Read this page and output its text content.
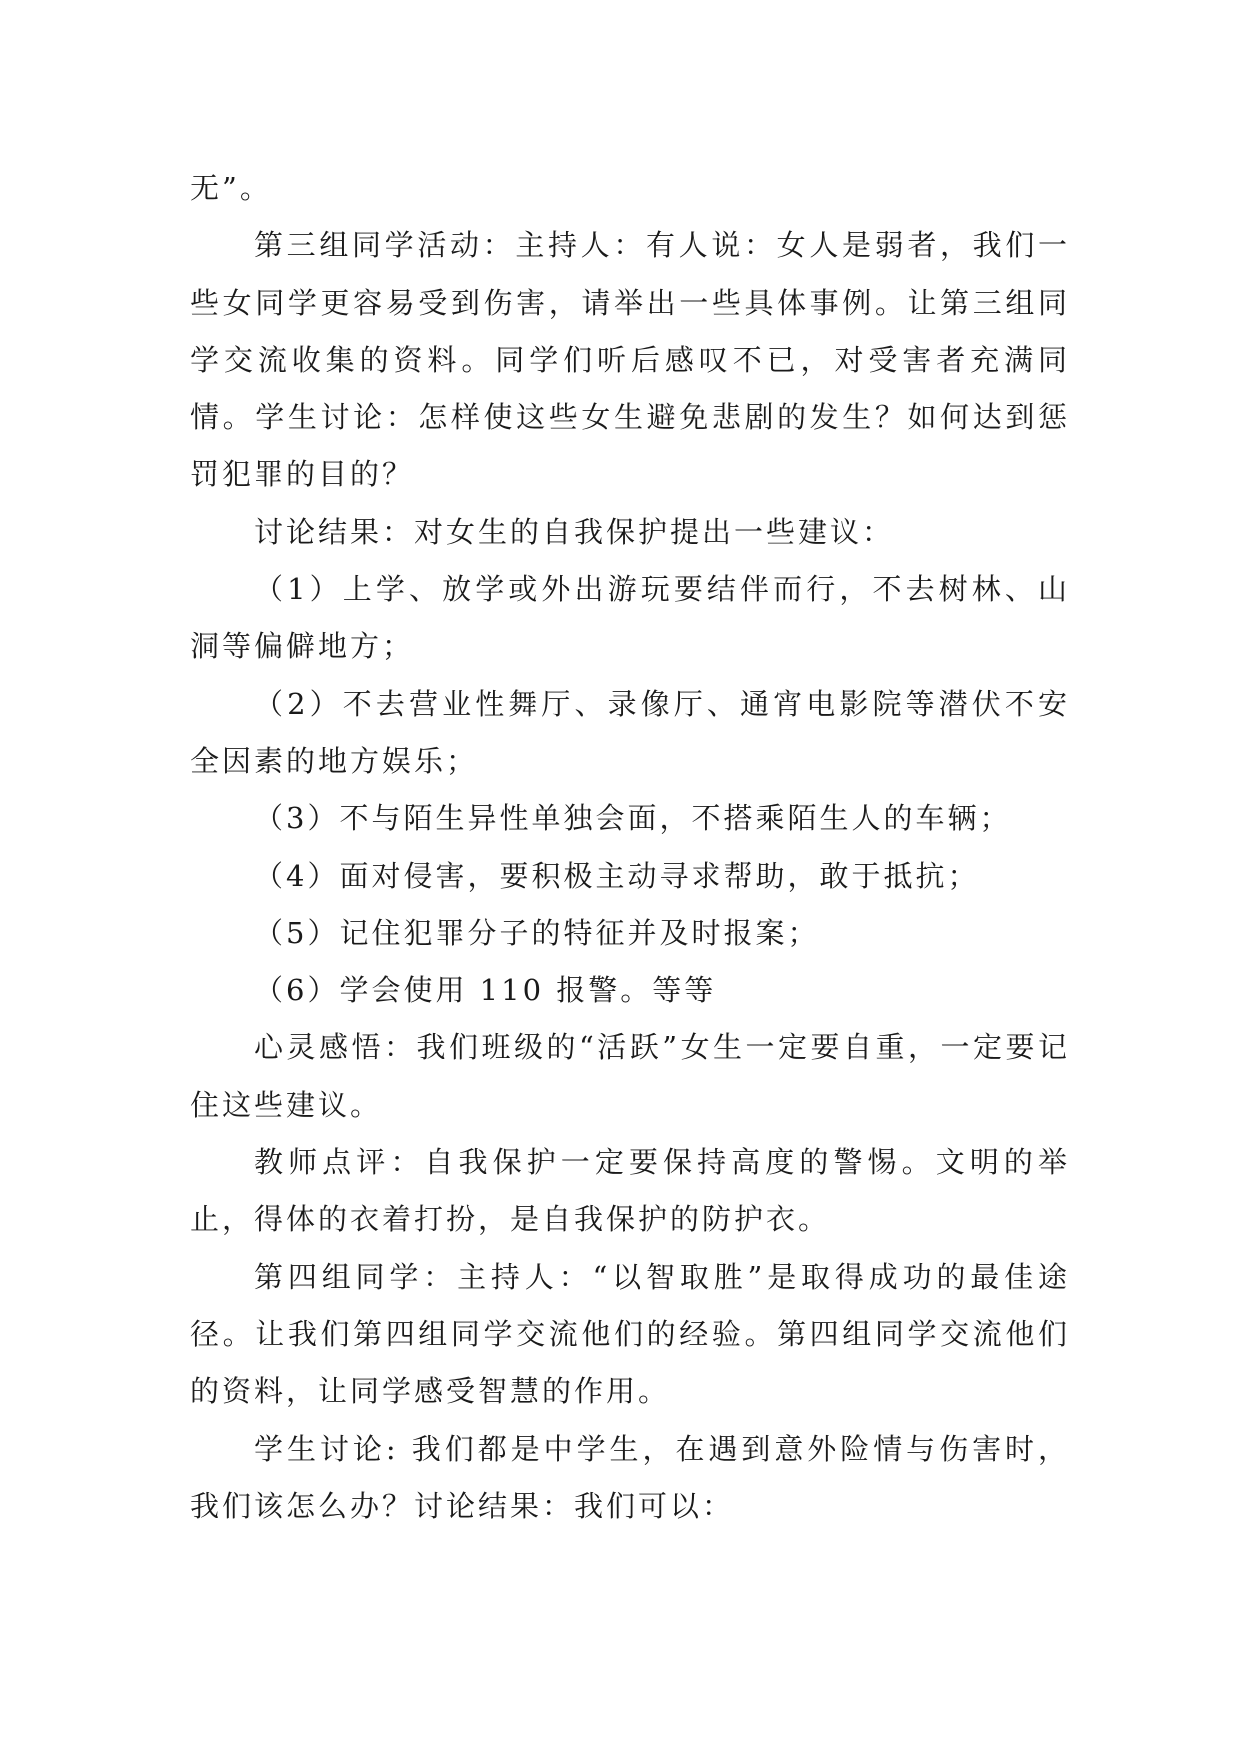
无”。

第三组同学活动：主持人：有人说：女人是弱者，我们一些女同学更容易受到伤害，请举出一些具体事例。让第三组同学交流收集的资料。同学们听后感叹不已，对受害者充满同情。学生讨论：怎样使这些女生避免悲剧的发生？如何达到惩罚犯罪的目的？

讨论结果：对女生的自我保护提出一些建议：

（1）上学、放学或外出游玩要结伴而行，不去树林、山洞等偏僻地方；

（2）不去营业性舞厅、录像厅、通宵电影院等潜伏不安全因素的地方娱乐；

（3）不与陌生异性单独会面，不搭乘陌生人的车辆；

（4）面对侵害，要积极主动寻求帮助，敢于抵抗；

（5）记住犯罪分子的特征并及时报案；

（6）学会使用 110 报警。等等

心灵感悟：我们班级的“活跃”女生一定要自重，一定要记住这些建议。

教师点评：自我保护一定要保持高度的警惕。文明的举止，得体的衣着打扮，是自我保护的防护衣。

第四组同学：主持人：“以智取胜”是取得成功的最佳途径。让我们第四组同学交流他们的经验。第四组同学交流他们的资料，让同学感受智慧的作用。

学生讨论: 我们都是中学生，在遇到意外险情与伤害时，我们该怎么办？讨论结果：我们可以：
